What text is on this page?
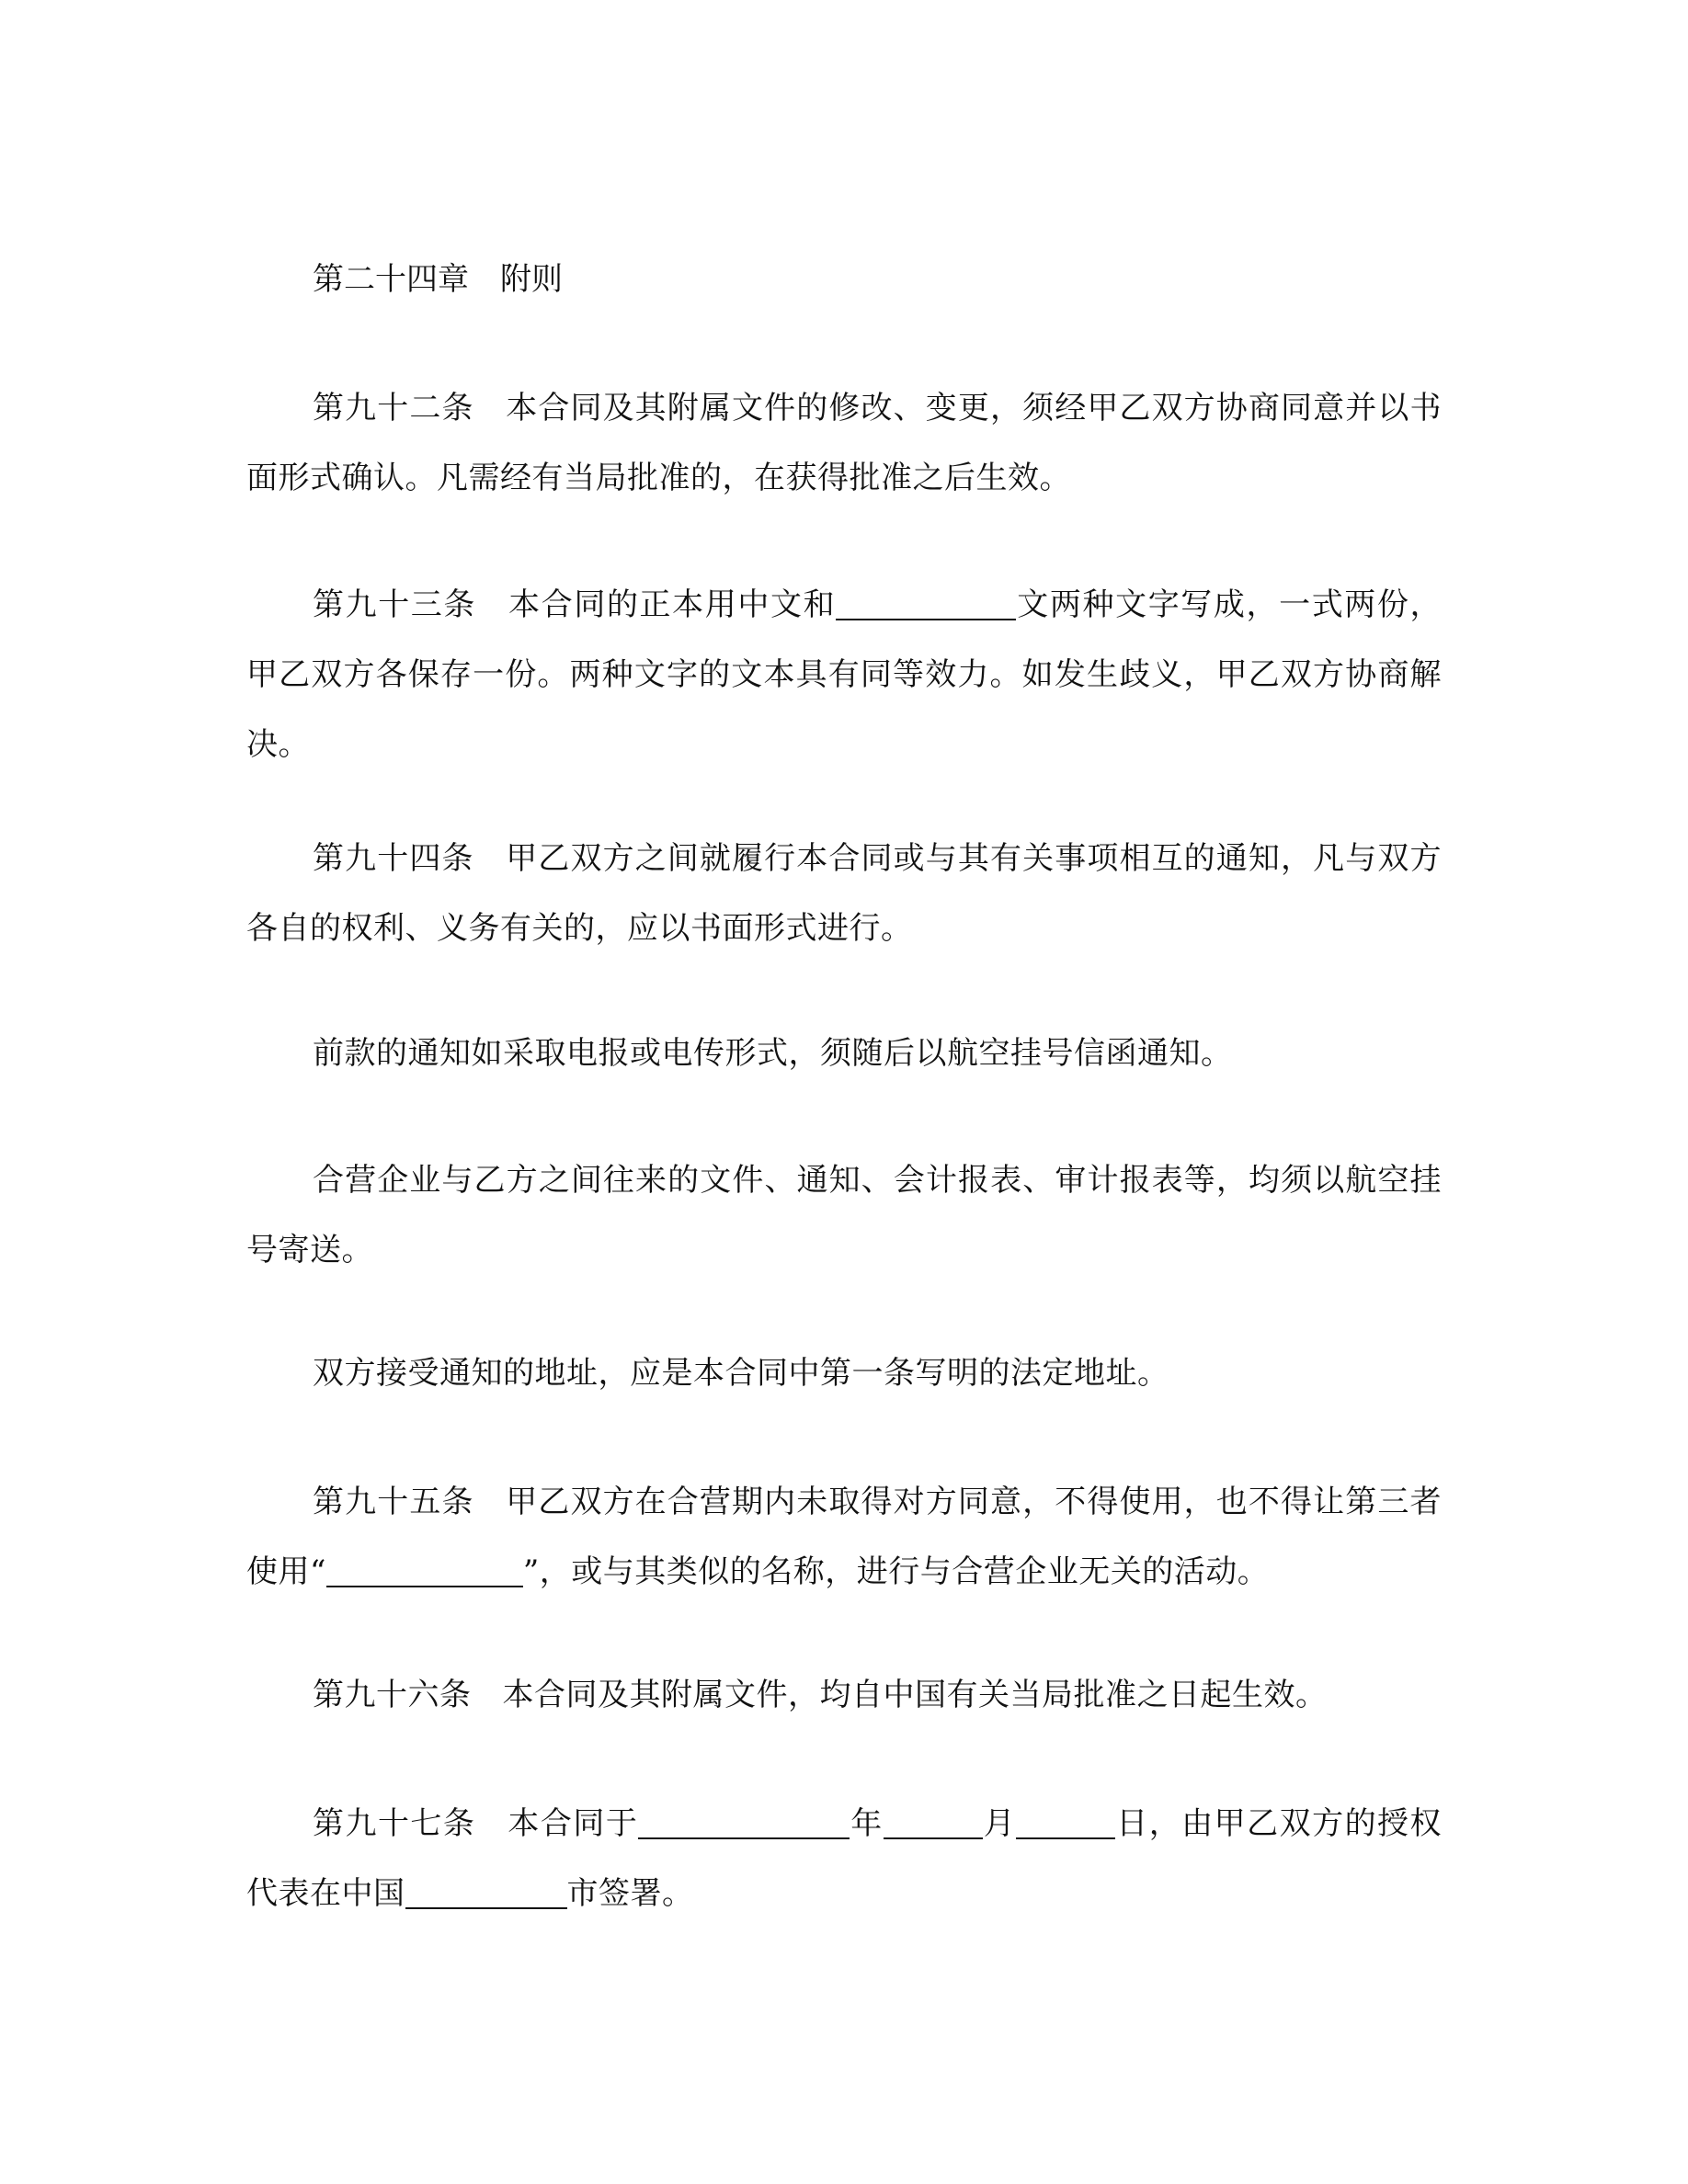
第二十四章 附则

第九十二条 本合同及其附属文件的修改、变更，须经甲乙双方协商同意并以书面形式确认。凡需经有当局批准的，在获得批准之后生效。

第九十三条 本合同的正本用中文和	文两种文字写成，一式两份，甲乙双方各保存一份。两种文字的文本具有同等效力。如发生歧义，甲乙双方协商解决。

第九十四条 甲乙双方之间就履行本合同或与其有关事项相互的通知，凡与双方各自的权利、义务有关的，应以书面形式进行。

前款的通知如采取电报或电传形式，须随后以航空挂号信函通知。

合营企业与乙方之间往来的文件、通知、会计报表、审计报表等，均须以航空挂号寄送。

双方接受通知的地址，应是本合同中第一条写明的法定地址。

第九十五条 甲乙双方在合营期内未取得对方同意，不得使用，也不得让第三者使用“	”，或与其类似的名称，进行与合营企业无关的活动。

第九十六条 本合同及其附属文件，均自中国有关当局批准之日起生效。

第九十七条 本合同于	年	月	日，由甲乙双方的授权代表在中国	市签署。
